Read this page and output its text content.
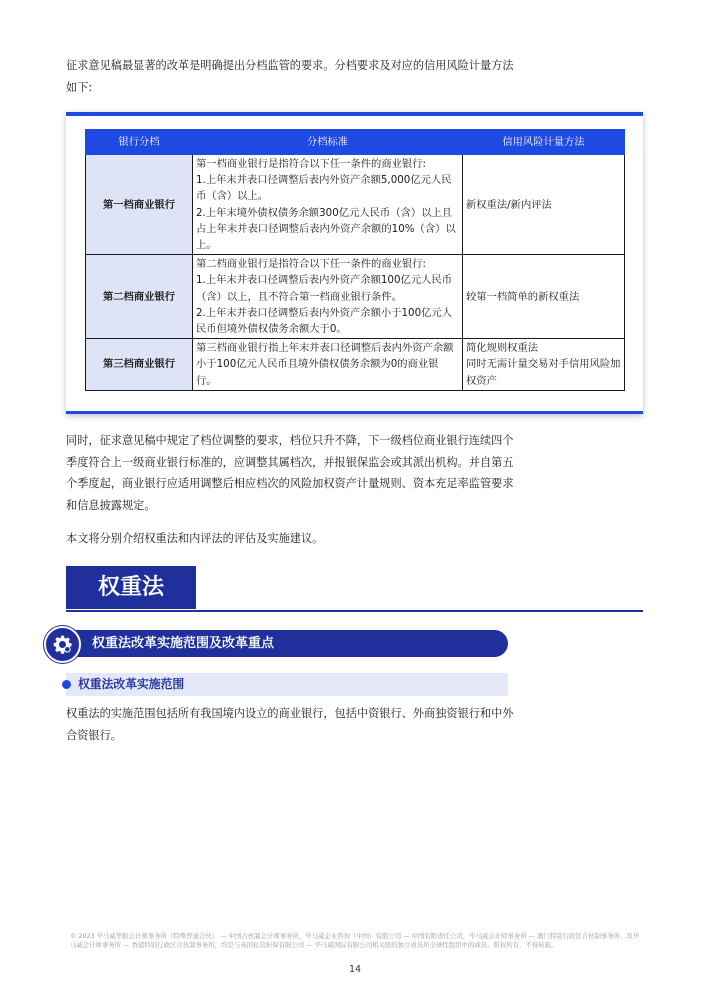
征求意见稿最显著的改革是明确提出分档监管的要求。分档要求及对应的信用风险计量方法如下:

银行分档	分档标准	信用风险计量方法
第一档商业银行	第一档商业银行是指符合以下任一条件的商业银行:
1.上年末并表口径调整后表内外资产余额5,000亿元人民币（含）以上。
2.上年末境外债权债务余额300亿元人民币（含）以上且占上年末并表口径调整后表内外资产余额的10%（含）以上。	新权重法/新内评法

第二档商业银行	第二档商业银行是指符合以下任一条件的商业银行:
1.上年末并表口径调整后表内外资产余额100亿元人民币（含）以上，且不符合第一档商业银行条件。
2.上年末并表口径调整后表内外资产余额小于100亿元人民币但境外债权债务余额大于0。	较第一档简单的新权重法

第三档商业银行	第三档商业银行指上年末并表口径调整后表内外资产余额小于100亿元人民币且境外债权债务余额为0的商业银行。	简化规则权重法
同时无需计量交易对手信用风险加权资产

同时，征求意见稿中规定了档位调整的要求，档位只升不降，下一级档位商业银行连续四个季度符合上一级商业银行标准的，应调整其属档次，并报银保监会或其派出机构。并自第五个季度起，商业银行应适用调整后相应档次的风险加权资产计量规则、资本充足率监管要求和信息披露规定。

本文将分别介绍权重法和内评法的评估及实施建议。

权重法
权重法改革实施范围及改革重点
权重法改革实施范围

权重法的实施范围包括所有我国境内设立的商业银行，包括中资银行、外商独资银行和中外合资银行。

© 2023 毕马威华振会计师事务所（特殊普通合伙） — 中国合伙制会计师事务所，毕马威企业咨询（中国）有限公司 — 中国有限责任公司，毕马威会计师事务所 — 澳门特别行政区合伙制事务所，及毕马威会计师事务所 — 香港特别行政区合伙制事务所，均是与英国私营担保有限公司 — 毕马威国际有限公司相关联的独立成员所全球性组织中的成员。版权所有，不得转载。
14
